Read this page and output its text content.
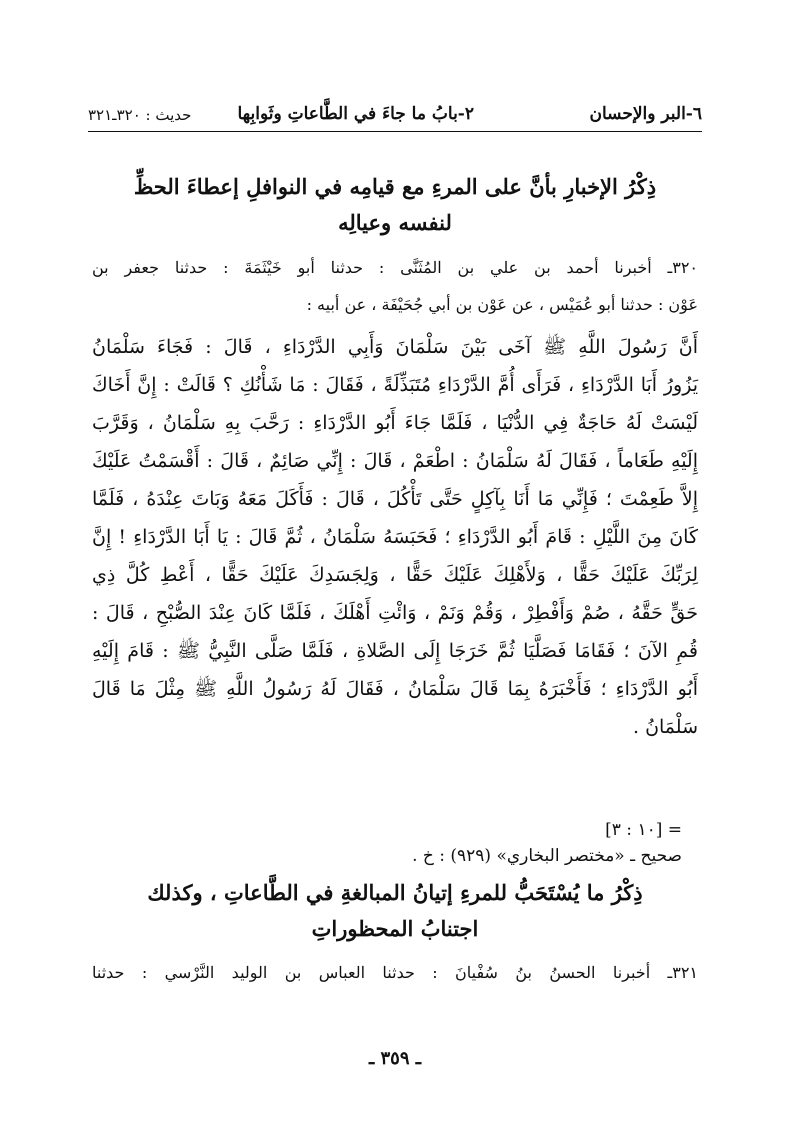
٦-البر والإحسان
٢-بابُ ما جاءَ في الطَّاعاتِ وثَوابِها
حديث : ٣٢٠ـ٣٢١
ذِكْرُ الإخبارِ بأنَّ على المرءِ مع قيامِه في النوافلِ إعطاءَ الحظِّ
لنفسه وعيالِه
٣٢٠ـ أخبرنا أحمد بن علي بن المُثَنَّى : حدثنا أبو خَيْثَمَةَ : حدثنا جعفر بن
عَوْن : حدثنا أبو عُمَيْس ، عن عَوْن بن أبي جُحَيْفَة ، عن أبيه :
أَنَّ رَسُولَ اللَّهِ ﷺ آخَى بَيْنَ سَلْمَانَ وَأَبِي الدَّرْدَاءِ ، قَالَ : فَجَاءَ سَلْمَانُ
يَزُورُ أَبَا الدَّرْدَاءِ ، فَرَأَى أُمَّ الدَّرْدَاءِ مُتَبَذِّلَةً ، فَقَالَ : مَا شَأْنُكِ ؟ قَالَتْ : إِنَّ أَخَاكَ
لَيْسَتْ لَهُ حَاجَةٌ فِي الدُّنْيَا ، فَلَمَّا جَاءَ أَبُو الدَّرْدَاءِ : رَحَّبَ بِهِ سَلْمَانُ ، وَقَرَّبَ
إِلَيْهِ طَعَاماً ، فَقَالَ لَهُ سَلْمَانُ : اطْعَمْ ، قَالَ : إِنِّي صَائِمٌ ، قَالَ : أَقْسَمْتُ عَلَيْكَ
إِلاَّ طَعِمْتَ ؛ فَإِنِّي مَا أَنَا بِآكِلٍ حَتَّى تَأْكُلَ ، قَالَ : فَأَكَلَ مَعَهُ وَبَاتَ عِنْدَهُ ، فَلَمَّا
كَانَ مِنَ اللَّيْلِ : قَامَ أَبُو الدَّرْدَاءِ ؛ فَحَبَسَهُ سَلْمَانُ ، ثُمَّ قَالَ : يَا أَبَا الدَّرْدَاءِ ! إِنَّ
لِرَبِّكَ عَلَيْكَ حَقًّا ، وَلأَهْلِكَ عَلَيْكَ حَقًّا ، وَلِجَسَدِكَ عَلَيْكَ حَقًّا ، أَعْطِ كُلَّ ذِي
حَقٍّ حَقَّهُ ، صُمْ وَأَفْطِرْ ، وَقُمْ وَنَمْ ، وَائْتِ أَهْلَكَ ، فَلَمَّا كَانَ عِنْدَ الصُّبْحِ ، قَالَ :
قُمِ الآنَ ؛ فَقَامَا فَصَلَّيَا ثُمَّ خَرَجَا إِلَى الصَّلاةِ ، فَلَمَّا صَلَّى النَّبِيُّ ﷺ : قَامَ إِلَيْهِ
أَبُو الدَّرْدَاءِ ؛ فَأَخْبَرَهُ بِمَا قَالَ سَلْمَانُ ، فَقَالَ لَهُ رَسُولُ اللَّهِ ﷺ مِثْلَ مَا قَالَ
سَلْمَانُ .
= [١٠ : ٣]
صحيح ـ «مختصر البخاري» (٩٢٩) : خ .
ذِكْرُ ما يُسْتَحَبُّ للمرءِ إتيانُ المبالغةِ في الطَّاعاتِ ، وكذلك
اجتنابُ المحظوراتِ
٣٢١ـ أخبرنا الحسنُ بنُ سُفْيانَ : حدثنا العباس بن الوليد النَّرْسي : حدثنا
ـ ٣٥٩ ـ
